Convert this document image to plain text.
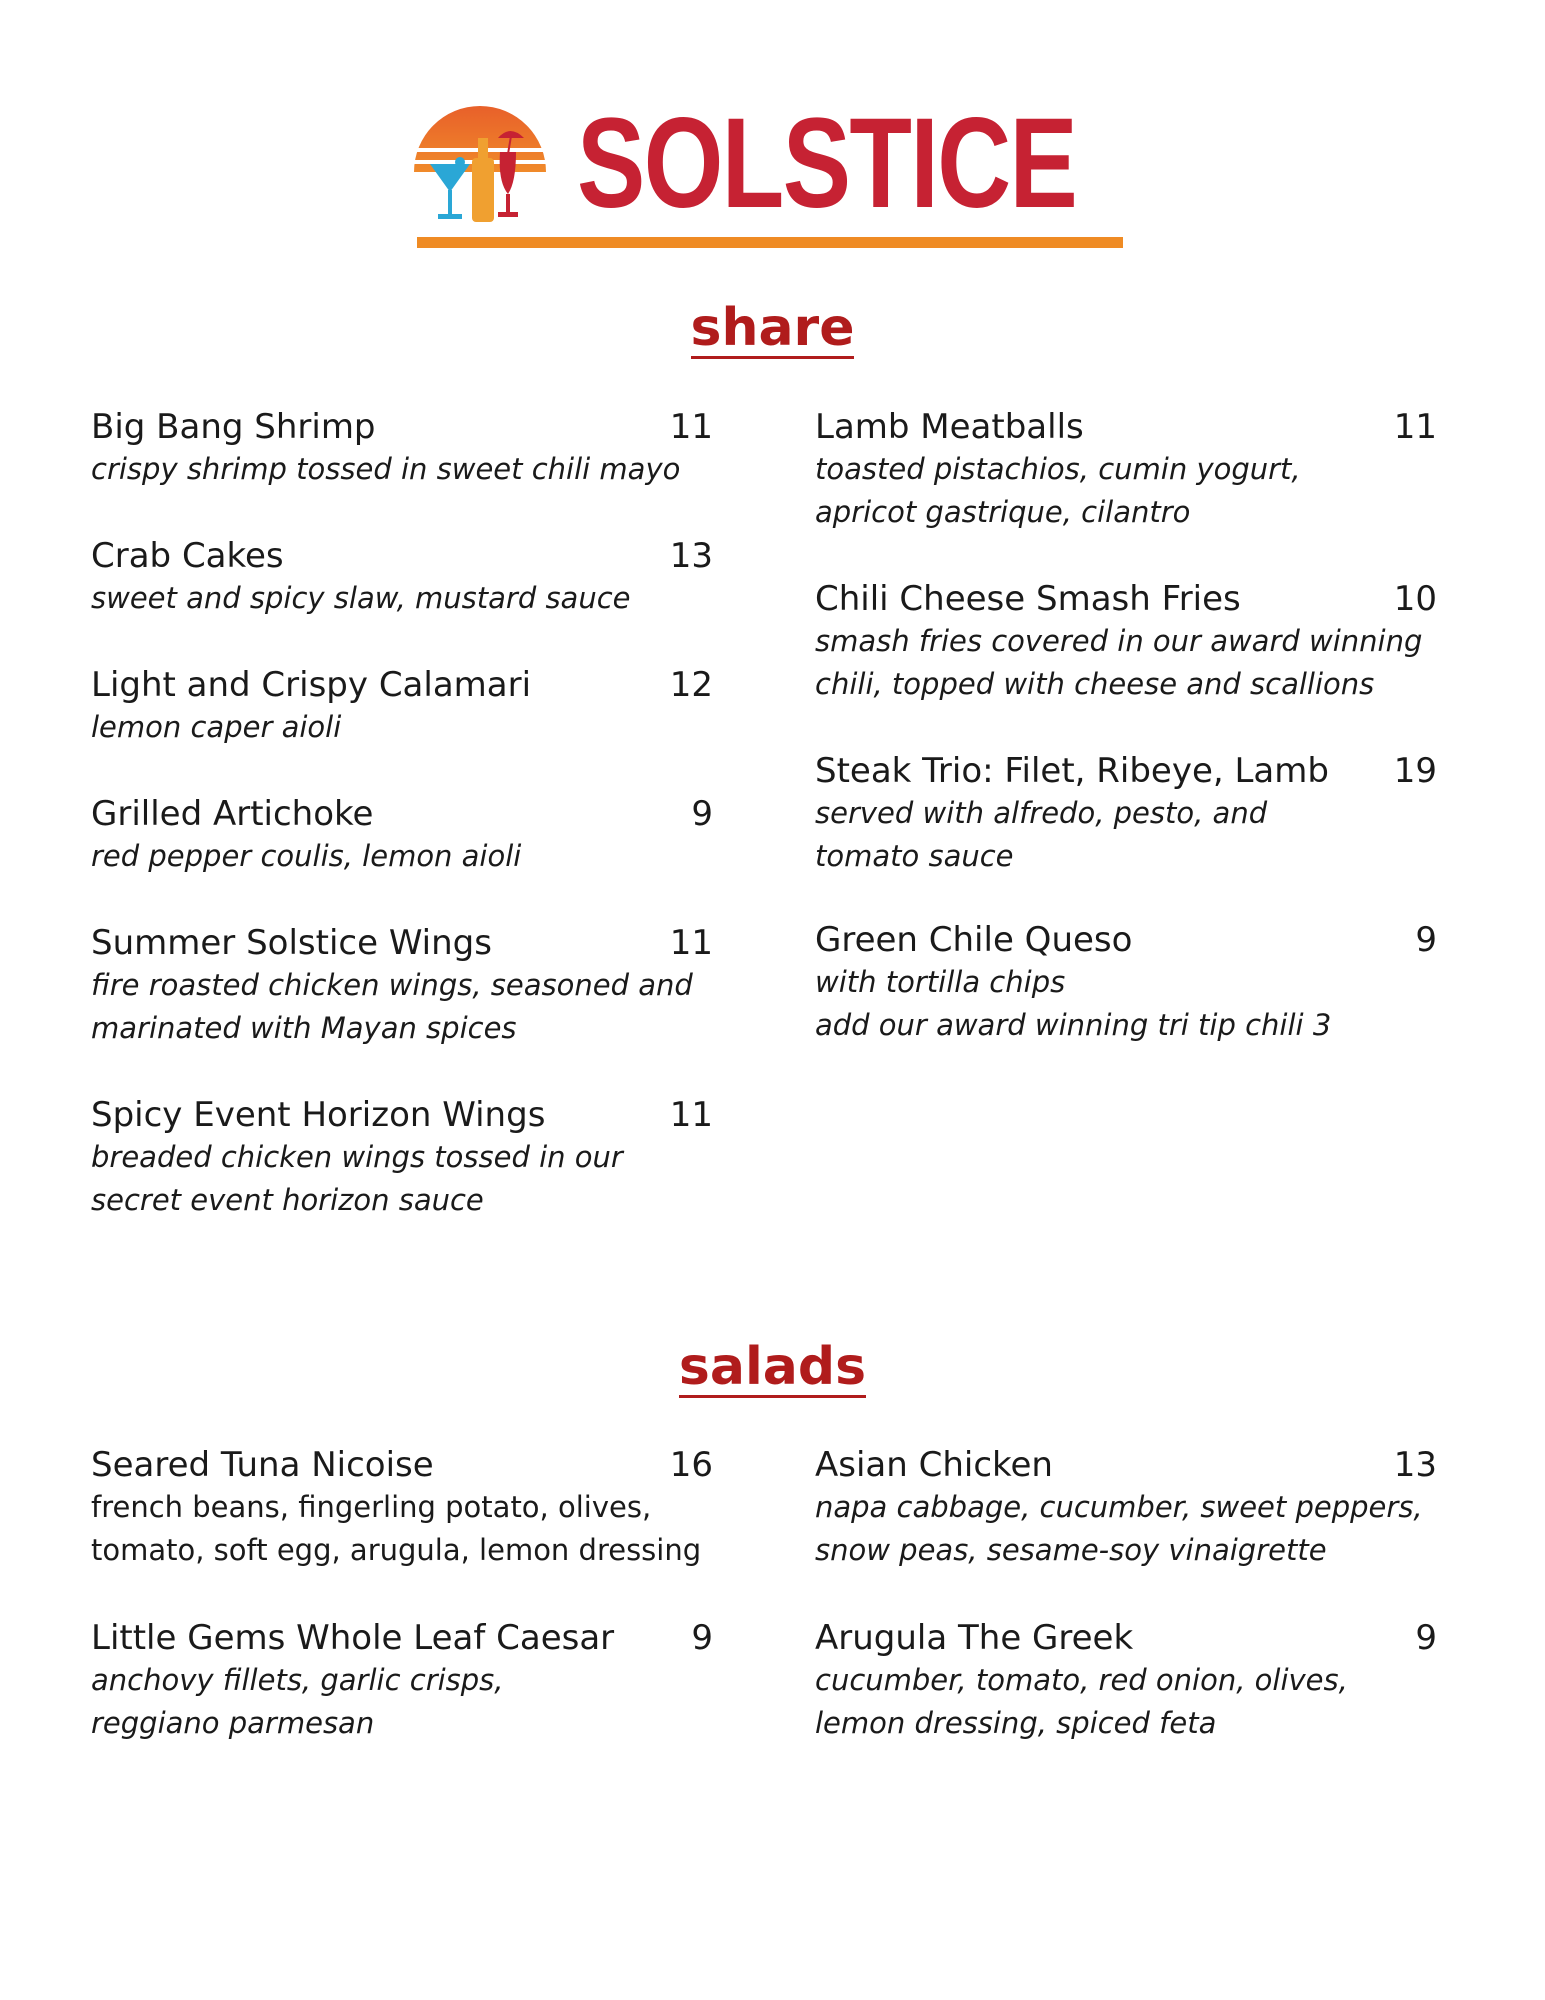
SOLSTICE
share
Big Bang Shrimp	11
crispy shrimp tossed in sweet chili mayo
Crab Cakes	13
sweet and spicy slaw, mustard sauce
Light and Crispy Calamari	12
lemon caper aioli
Grilled Artichoke	9
red pepper coulis, lemon aioli
Summer Solstice Wings	11
fire roasted chicken wings, seasoned and
marinated with Mayan spices
Spicy Event Horizon Wings	11
breaded chicken wings tossed in our
secret event horizon sauce
Lamb Meatballs	11
toasted pistachios, cumin yogurt,
apricot gastrique, cilantro
Chili Cheese Smash Fries	10
smash fries covered in our award winning
chili, topped with cheese and scallions
Steak Trio: Filet, Ribeye, Lamb	19
served with alfredo, pesto, and
tomato sauce
Green Chile Queso	9
with tortilla chips
add our award winning tri tip chili 3
salads
Seared Tuna Nicoise	16
french beans, fingerling potato, olives,
tomato, soft egg, arugula, lemon dressing
Little Gems Whole Leaf Caesar	9
anchovy fillets, garlic crisps,
reggiano parmesan
Asian Chicken	13
napa cabbage, cucumber, sweet peppers,
snow peas, sesame-soy vinaigrette
Arugula The Greek	9
cucumber, tomato, red onion, olives,
lemon dressing, spiced feta
